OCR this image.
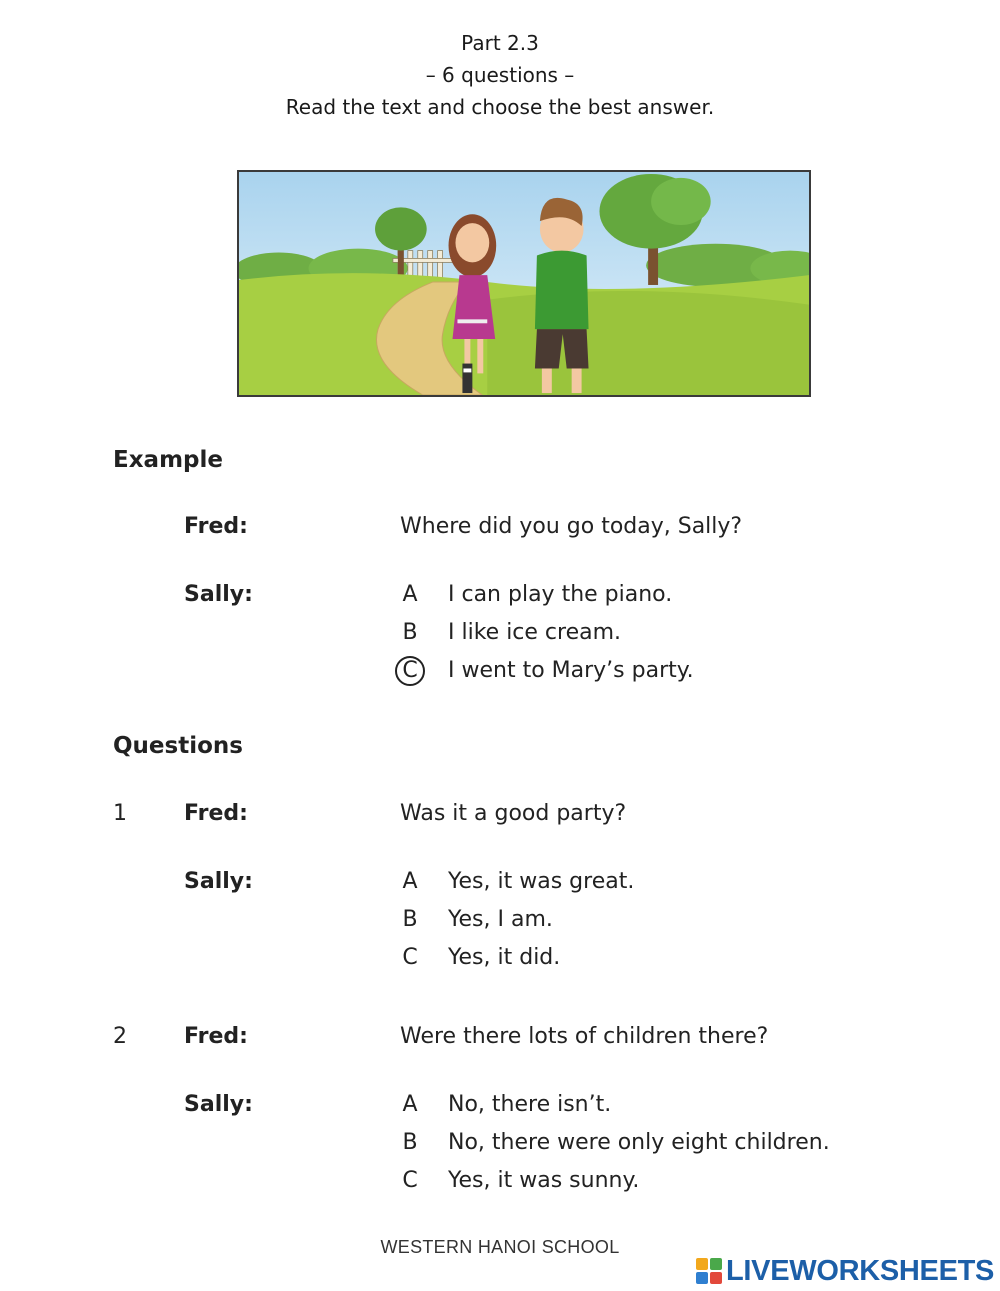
Part 2.3
– 6 questions –
Read the text and choose the best answer.
Example
Fred:	Where did you go today, Sally?
Sally:	A I can play the piano.
B I like ice cream.
C	I went to Mary’s party.
Questions
1	Fred:	Was it a good party?
Sally:	A Yes, it was great.
B Yes, I am.
C Yes, it did.
2	Fred:	Were there lots of children there?
Sally:	A No, there isn’t.
B No, there were only eight children.
C Yes, it was sunny.
WESTERN HANOI SCHOOL
LIVEWORKSHEETS
